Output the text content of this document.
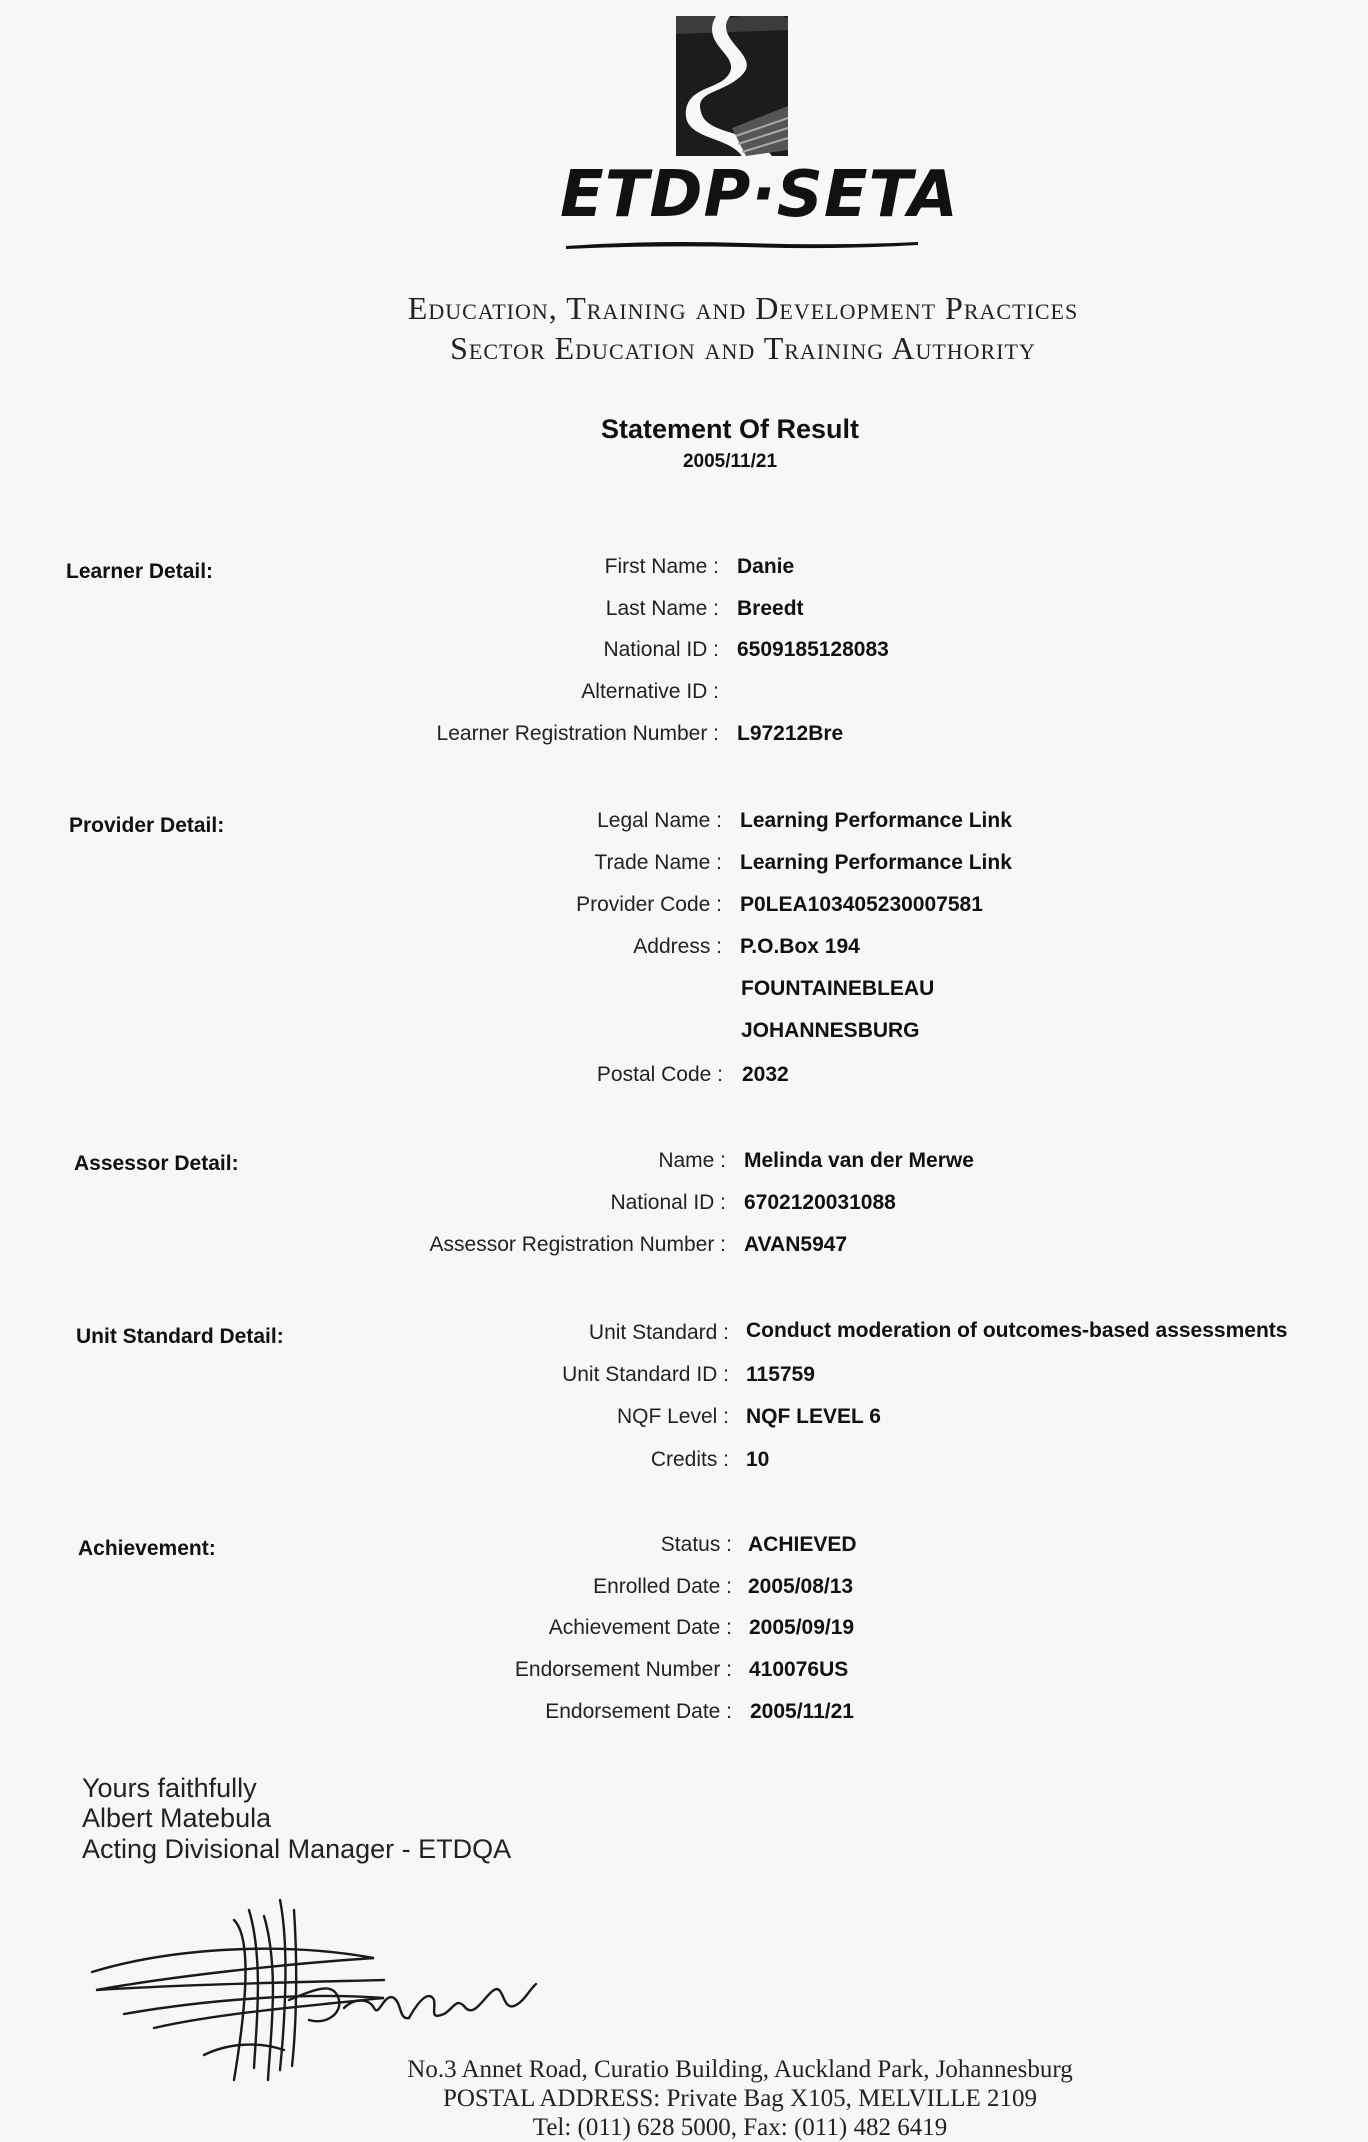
ETDP·SETA
Education, Training and Development Practices
Sector Education and Training Authority
Statement Of Result
2005/11/21
Learner Detail:	First Name : Danie
Last Name : Breedt
National ID : 6509185128083
Alternative ID :
Learner Registration Number : L97212Bre
Provider Detail:	Legal Name : Learning Performance Link
Trade Name : Learning Performance Link
Provider Code : P0LEA103405230007581
Address : P.O.Box 194
FOUNTAINEBLEAU
JOHANNESBURG
Postal Code : 2032
Assessor Detail:	Name : Melinda van der Merwe
National ID : 6702120031088
Assessor Registration Number : AVAN5947
Unit Standard Detail:	Unit Standard : Conduct moderation of outcomes-based assessments
Unit Standard ID : 115759
NQF Level : NQF LEVEL 6
Credits : 10
Achievement:	Status : ACHIEVED
Enrolled Date : 2005/08/13
Achievement Date : 2005/09/19
Endorsement Number : 410076US
Endorsement Date : 2005/11/21
Yours faithfully
Albert Matebula
Acting Divisional Manager - ETDQA
No.3 Annet Road, Curatio Building, Auckland Park, Johannesburg
POSTAL ADDRESS: Private Bag X105, MELVILLE 2109
Tel: (011) 628 5000, Fax: (011) 482 6419
